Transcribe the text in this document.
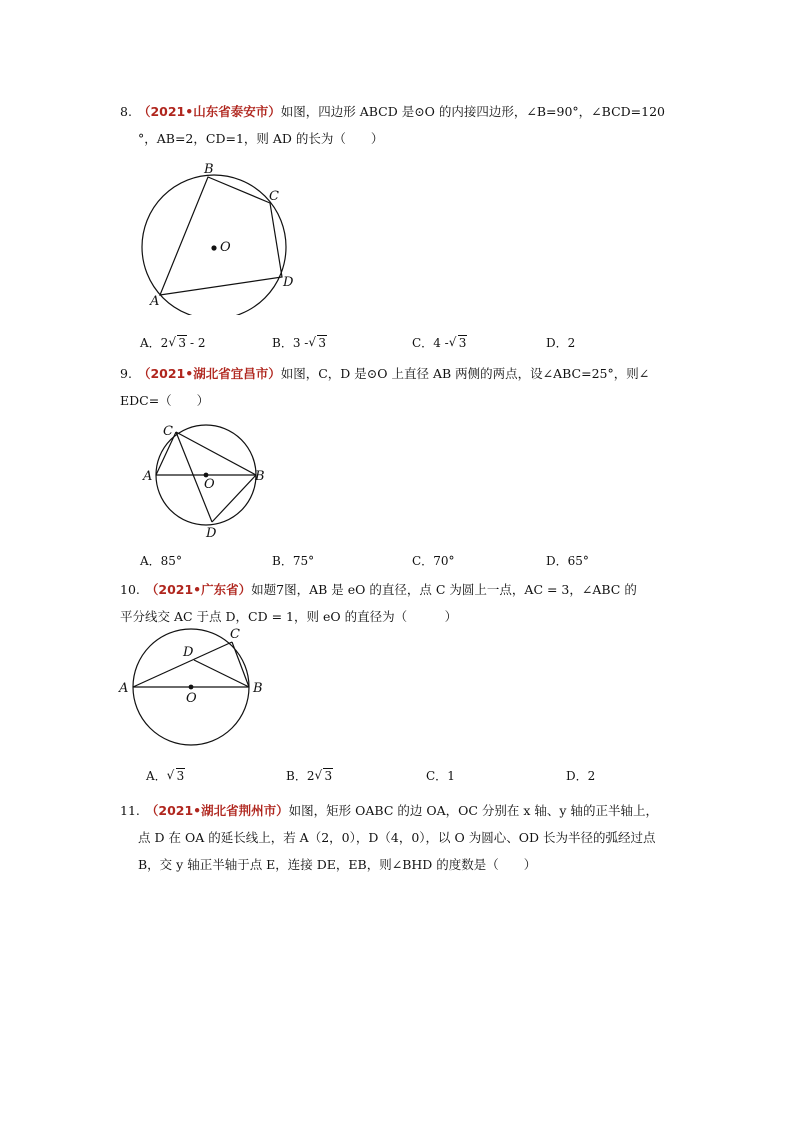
8. （2021•山东省泰安市）如图，四边形 ABCD 是⊙O 的内接四边形，∠B=90°，∠BCD=120
°，AB=2，CD=1，则 AD 的长为（　　）
O
B
C
D
A
A．2 √ 3 - 2	B．3 - √ 3	C．4 - √ 3	D．2
9. （2021•湖北省宜昌市）如图，C，D 是⊙O 上直径 AB 两侧的两点，设∠ABC=25°，则∠
EDC=（　　）
C
A
O
B
D
A．85°	B．75°	C．70°	D．65°
10. （2021•广东省）如题7图，AB 是 eO 的直径，点 C 为圆上一点，AC = 3，∠ABC 的
平分线交 AC 于点 D，CD = 1，则 eO 的直径为（　　　）
C
D
A	B
O
A． √ 3	B．2 √ 3	C．1	D．2
11. （2021•湖北省荆州市）如图，矩形 OABC 的边 OA，OC 分别在 x 轴、y 轴的正半轴上，
点 D 在 OA 的延长线上，若 A（2，0），D（4，0），以 O 为圆心、OD 长为半径的弧经过点
B，交 y 轴正半轴于点 E，连接 DE，EB，则∠BHD 的度数是（　　）
